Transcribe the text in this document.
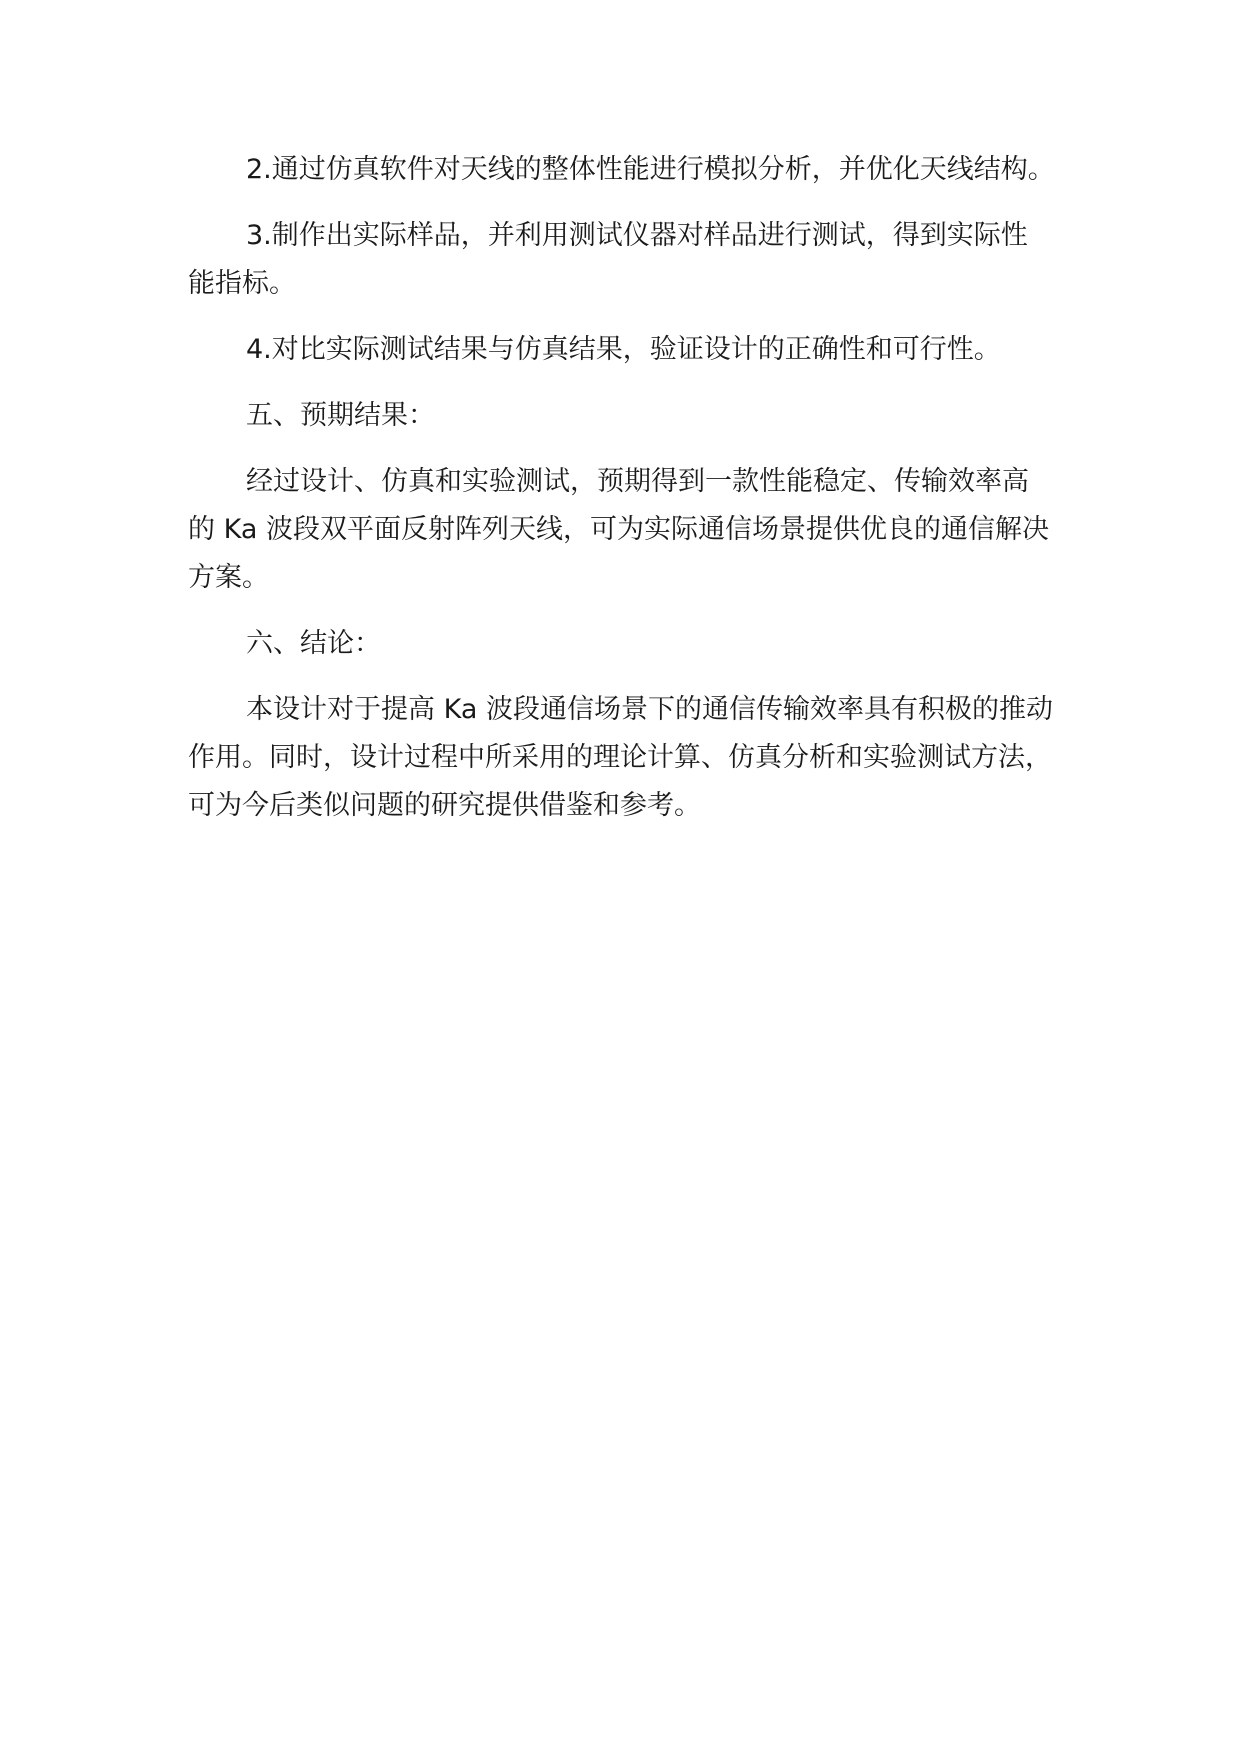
2.通过仿真软件对天线的整体性能进行模拟分析，并优化天线结构。

3.制作出实际样品，并利用测试仪器对样品进行测试，得到实际性
能指标。

4.对比实际测试结果与仿真结果，验证设计的正确性和可行性。

五、预期结果：

经过设计、仿真和实验测试，预期得到一款性能稳定、传输效率高
的 Ka 波段双平面反射阵列天线，可为实际通信场景提供优良的通信解决
方案。

六、结论：

本设计对于提高 Ka 波段通信场景下的通信传输效率具有积极的推动
作用。同时，设计过程中所采用的理论计算、仿真分析和实验测试方法，
可为今后类似问题的研究提供借鉴和参考。
